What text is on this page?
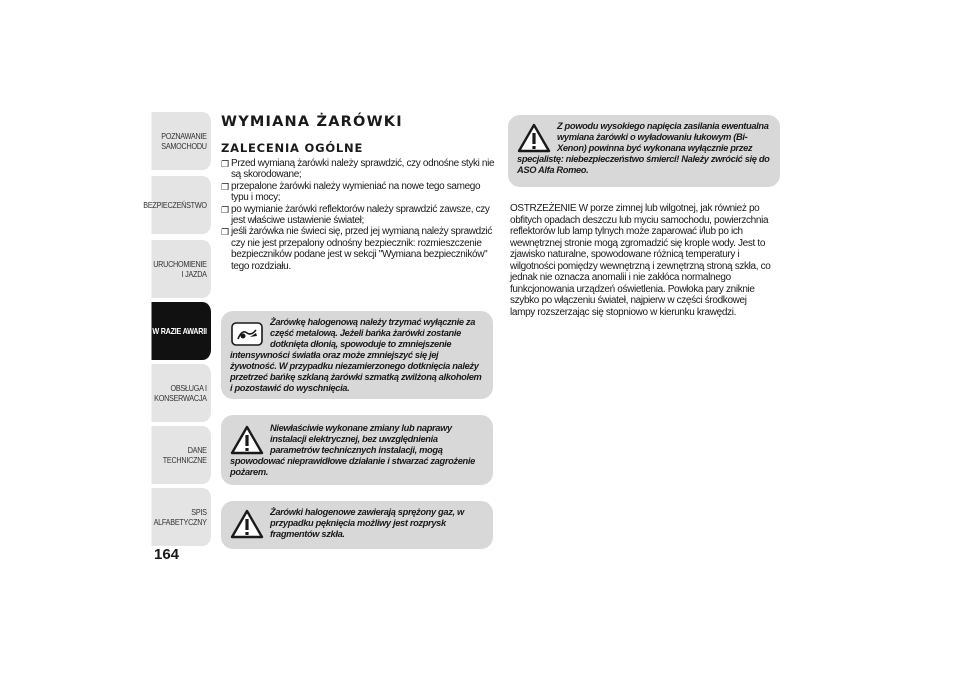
POZNAWANIE SAMOCHODU
BEZPIECZEŃSTWO
URUCHOMIENIE I JAZDA
W RAZIE AWARII
OBSŁUGA I KONSERWACJA
DANE TECHNICZNE
SPIS ALFABETYCZNY
164
WYMIANA ŻARÓWKI
ZALECENIA OGÓLNE
❐ Przed wymianą żarówki należy sprawdzić, czy odnośne styki nie są skorodowane;
❐ przepalone żarówki należy wymieniać na nowe tego samego typu i mocy;
❐ po wymianie żarówki reflektorów należy sprawdzić zawsze, czy jest właściwe ustawienie świateł;
❐ jeśli żarówka nie świeci się, przed jej wymianą należy sprawdzić czy nie jest przepalony odnośny bezpiecznik: rozmieszczenie bezpieczników podane jest w sekcji "Wymiana bezpieczników" tego rozdziału.

Żarówkę halogenową należy trzymać wyłącznie za część metalową. Jeżeli bańka żarówki zostanie dotknięta dłonią, spowoduje to zmniejszenie intensywności światła oraz może zmniejszyć się jej żywotność. W przypadku niezamierzonego dotknięcia należy przetrzeć bańkę szklaną żarówki szmatką zwilżoną alkoholem i pozostawić do wyschnięcia.

Niewłaściwie wykonane zmiany lub naprawy instalacji elektrycznej, bez uwzględnienia parametrów technicznych instalacji, mogą spowodować nieprawidłowe działanie i stwarzać zagrożenie pożarem.

Żarówki halogenowe zawierają sprężony gaz, w przypadku pęknięcia możliwy jest rozprysk fragmentów szkła.

Z powodu wysokiego napięcia zasilania ewentualna wymiana żarówki o wyładowaniu łukowym (Bi-Xenon) powinna być wykonana wyłącznie przez specjalistę: niebezpieczeństwo śmierci! Należy zwrócić się do ASO Alfa Romeo.

OSTRZEŻENIE W porze zimnej lub wilgotnej, jak również po obfitych opadach deszczu lub myciu samochodu, powierzchnia reflektorów lub lamp tylnych może zaparować i/lub po ich wewnętrznej stronie mogą zgromadzić się krople wody. Jest to zjawisko naturalne, spowodowane różnicą temperatury i wilgotności pomiędzy wewnętrzną i zewnętrzną stroną szkła, co jednak nie oznacza anomalii i nie zakłóca normalnego funkcjonowania urządzeń oświetlenia. Powłoka pary zniknie szybko po włączeniu świateł, najpierw w części środkowej lampy rozszerzając się stopniowo w kierunku krawędzi.
